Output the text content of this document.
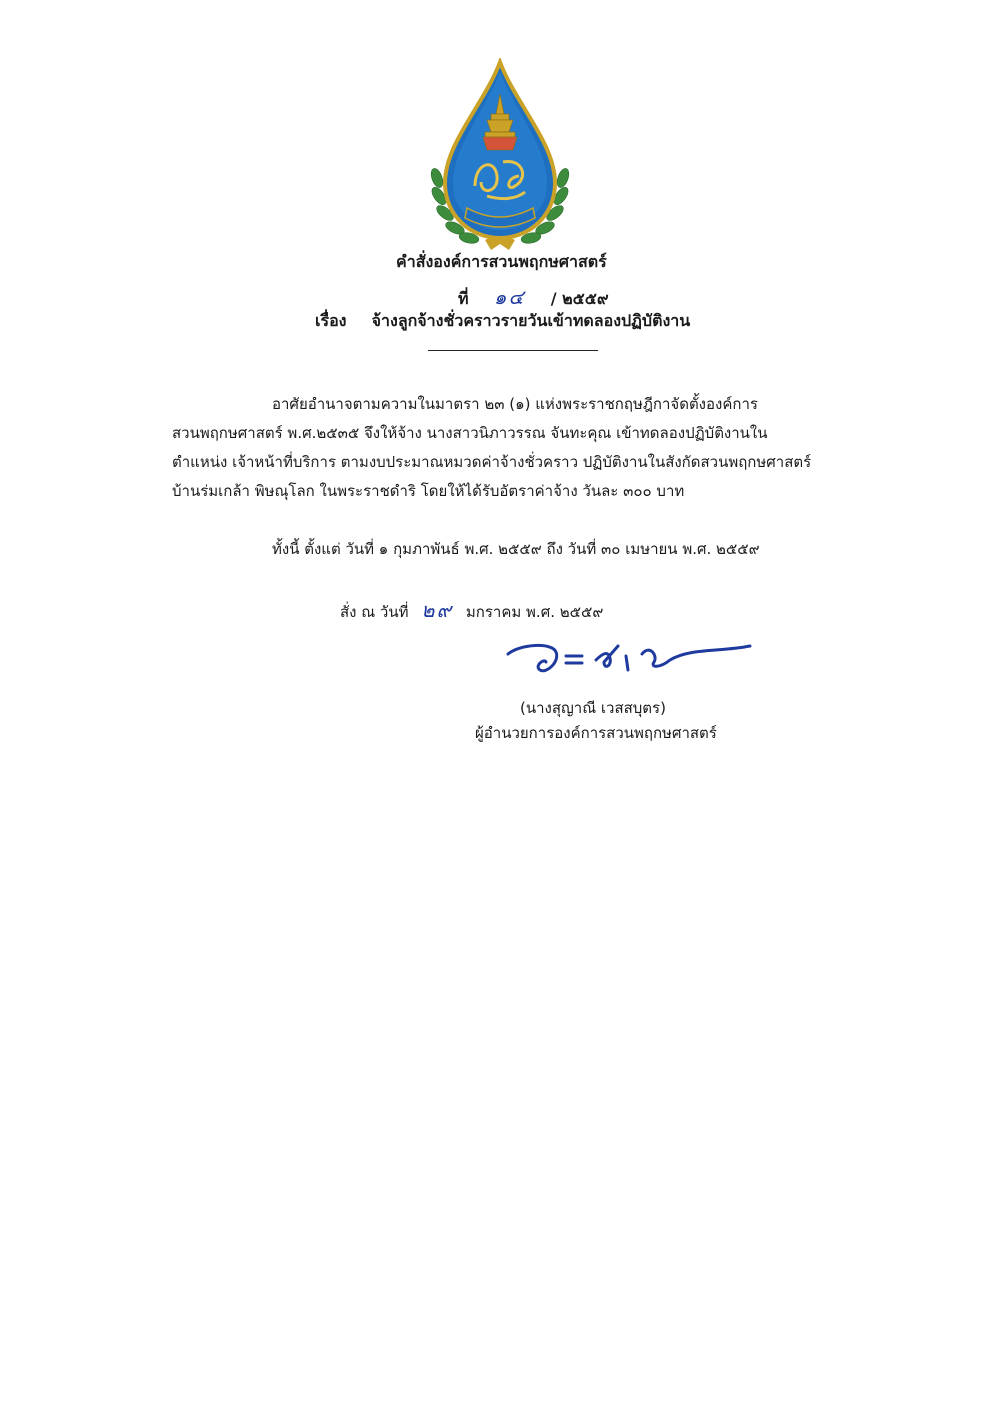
คำสั่งองค์การสวนพฤกษศาสตร์
ที่ ๑๔ / ๒๕๕๙
เรื่อง จ้างลูกจ้างชั่วคราวรายวันเข้าทดลองปฏิบัติงาน
อาศัยอำนาจตามความในมาตรา ๒๓ (๑) แห่งพระราชกฤษฎีกาจัดตั้งองค์การ
สวนพฤกษศาสตร์ พ.ศ.๒๕๓๕ จึงให้จ้าง นางสาวนิภาวรรณ จันทะคุณ เข้าทดลองปฏิบัติงานใน
ตำแหน่ง เจ้าหน้าที่บริการ ตามงบประมาณหมวดค่าจ้างชั่วคราว ปฏิบัติงานในสังกัดสวนพฤกษศาสตร์
บ้านร่มเกล้า พิษณุโลก ในพระราชดำริ โดยให้ได้รับอัตราค่าจ้าง วันละ ๓๐๐ บาท
ทั้งนี้ ตั้งแต่ วันที่ ๑ กุมภาพันธ์ พ.ศ. ๒๕๕๙ ถึง วันที่ ๓๐ เมษายน พ.ศ. ๒๕๕๙
สั่ง ณ วันที่ ๒๙ มกราคม พ.ศ. ๒๕๕๙
(นางสุญาณี เวสสบุตร)
ผู้อำนวยการองค์การสวนพฤกษศาสตร์
